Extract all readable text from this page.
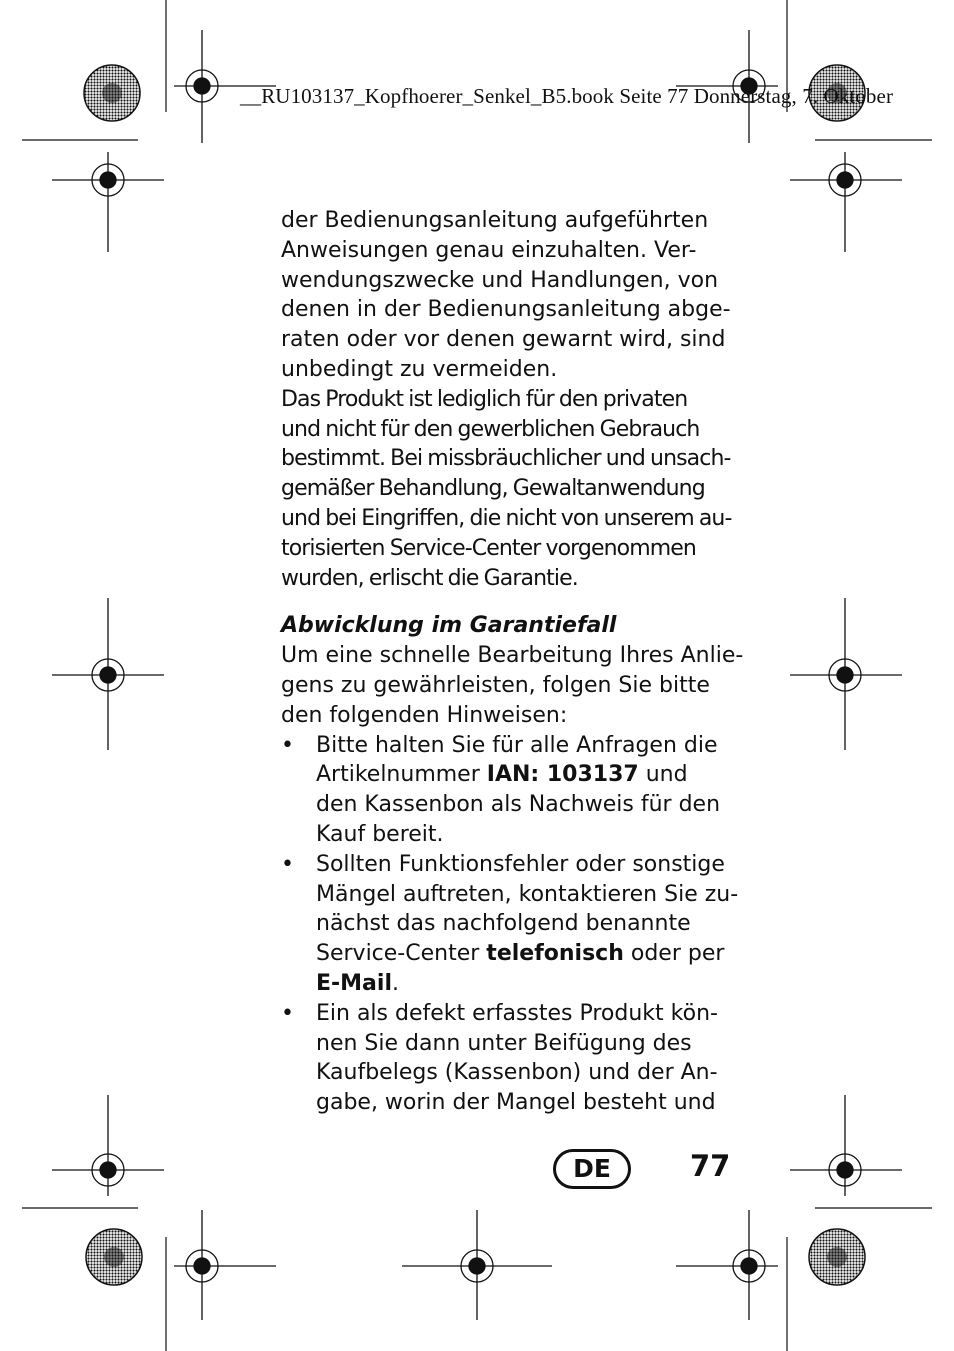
__RU103137_Kopfhoerer_Senkel_B5.book Seite 77 Donnerstag, 7. Oktober
der Bedienungsanleitung aufgeführten
Anweisungen genau einzuhalten. Ver-
wendungszwecke und Handlungen, von
denen in der Bedienungsanleitung abge-
raten oder vor denen gewarnt wird, sind
unbedingt zu vermeiden.
Das Produkt ist lediglich für den privaten
und nicht für den gewerblichen Gebrauch
bestimmt. Bei missbräuchlicher und unsach-
gemäßer Behandlung, Gewaltanwendung
und bei Eingriffen, die nicht von unserem au-
torisierten Service-Center vorgenommen
wurden, erlischt die Garantie.
Abwicklung im Garantiefall
Um eine schnelle Bearbeitung Ihres Anlie-
gens zu gewährleisten, folgen Sie bitte
den folgenden Hinweisen:
• Bitte halten Sie für alle Anfragen die
Artikelnummer IAN: 103137 und
den Kassenbon als Nachweis für den
Kauf bereit.
• Sollten Funktionsfehler oder sonstige
Mängel auftreten, kontaktieren Sie zu-
nächst das nachfolgend benannte
Service-Center telefonisch oder per
E-Mail.
• Ein als defekt erfasstes Produkt kön-
nen Sie dann unter Beifügung des
Kaufbelegs (Kassenbon) und der An-
gabe, worin der Mangel besteht und
DE	77
